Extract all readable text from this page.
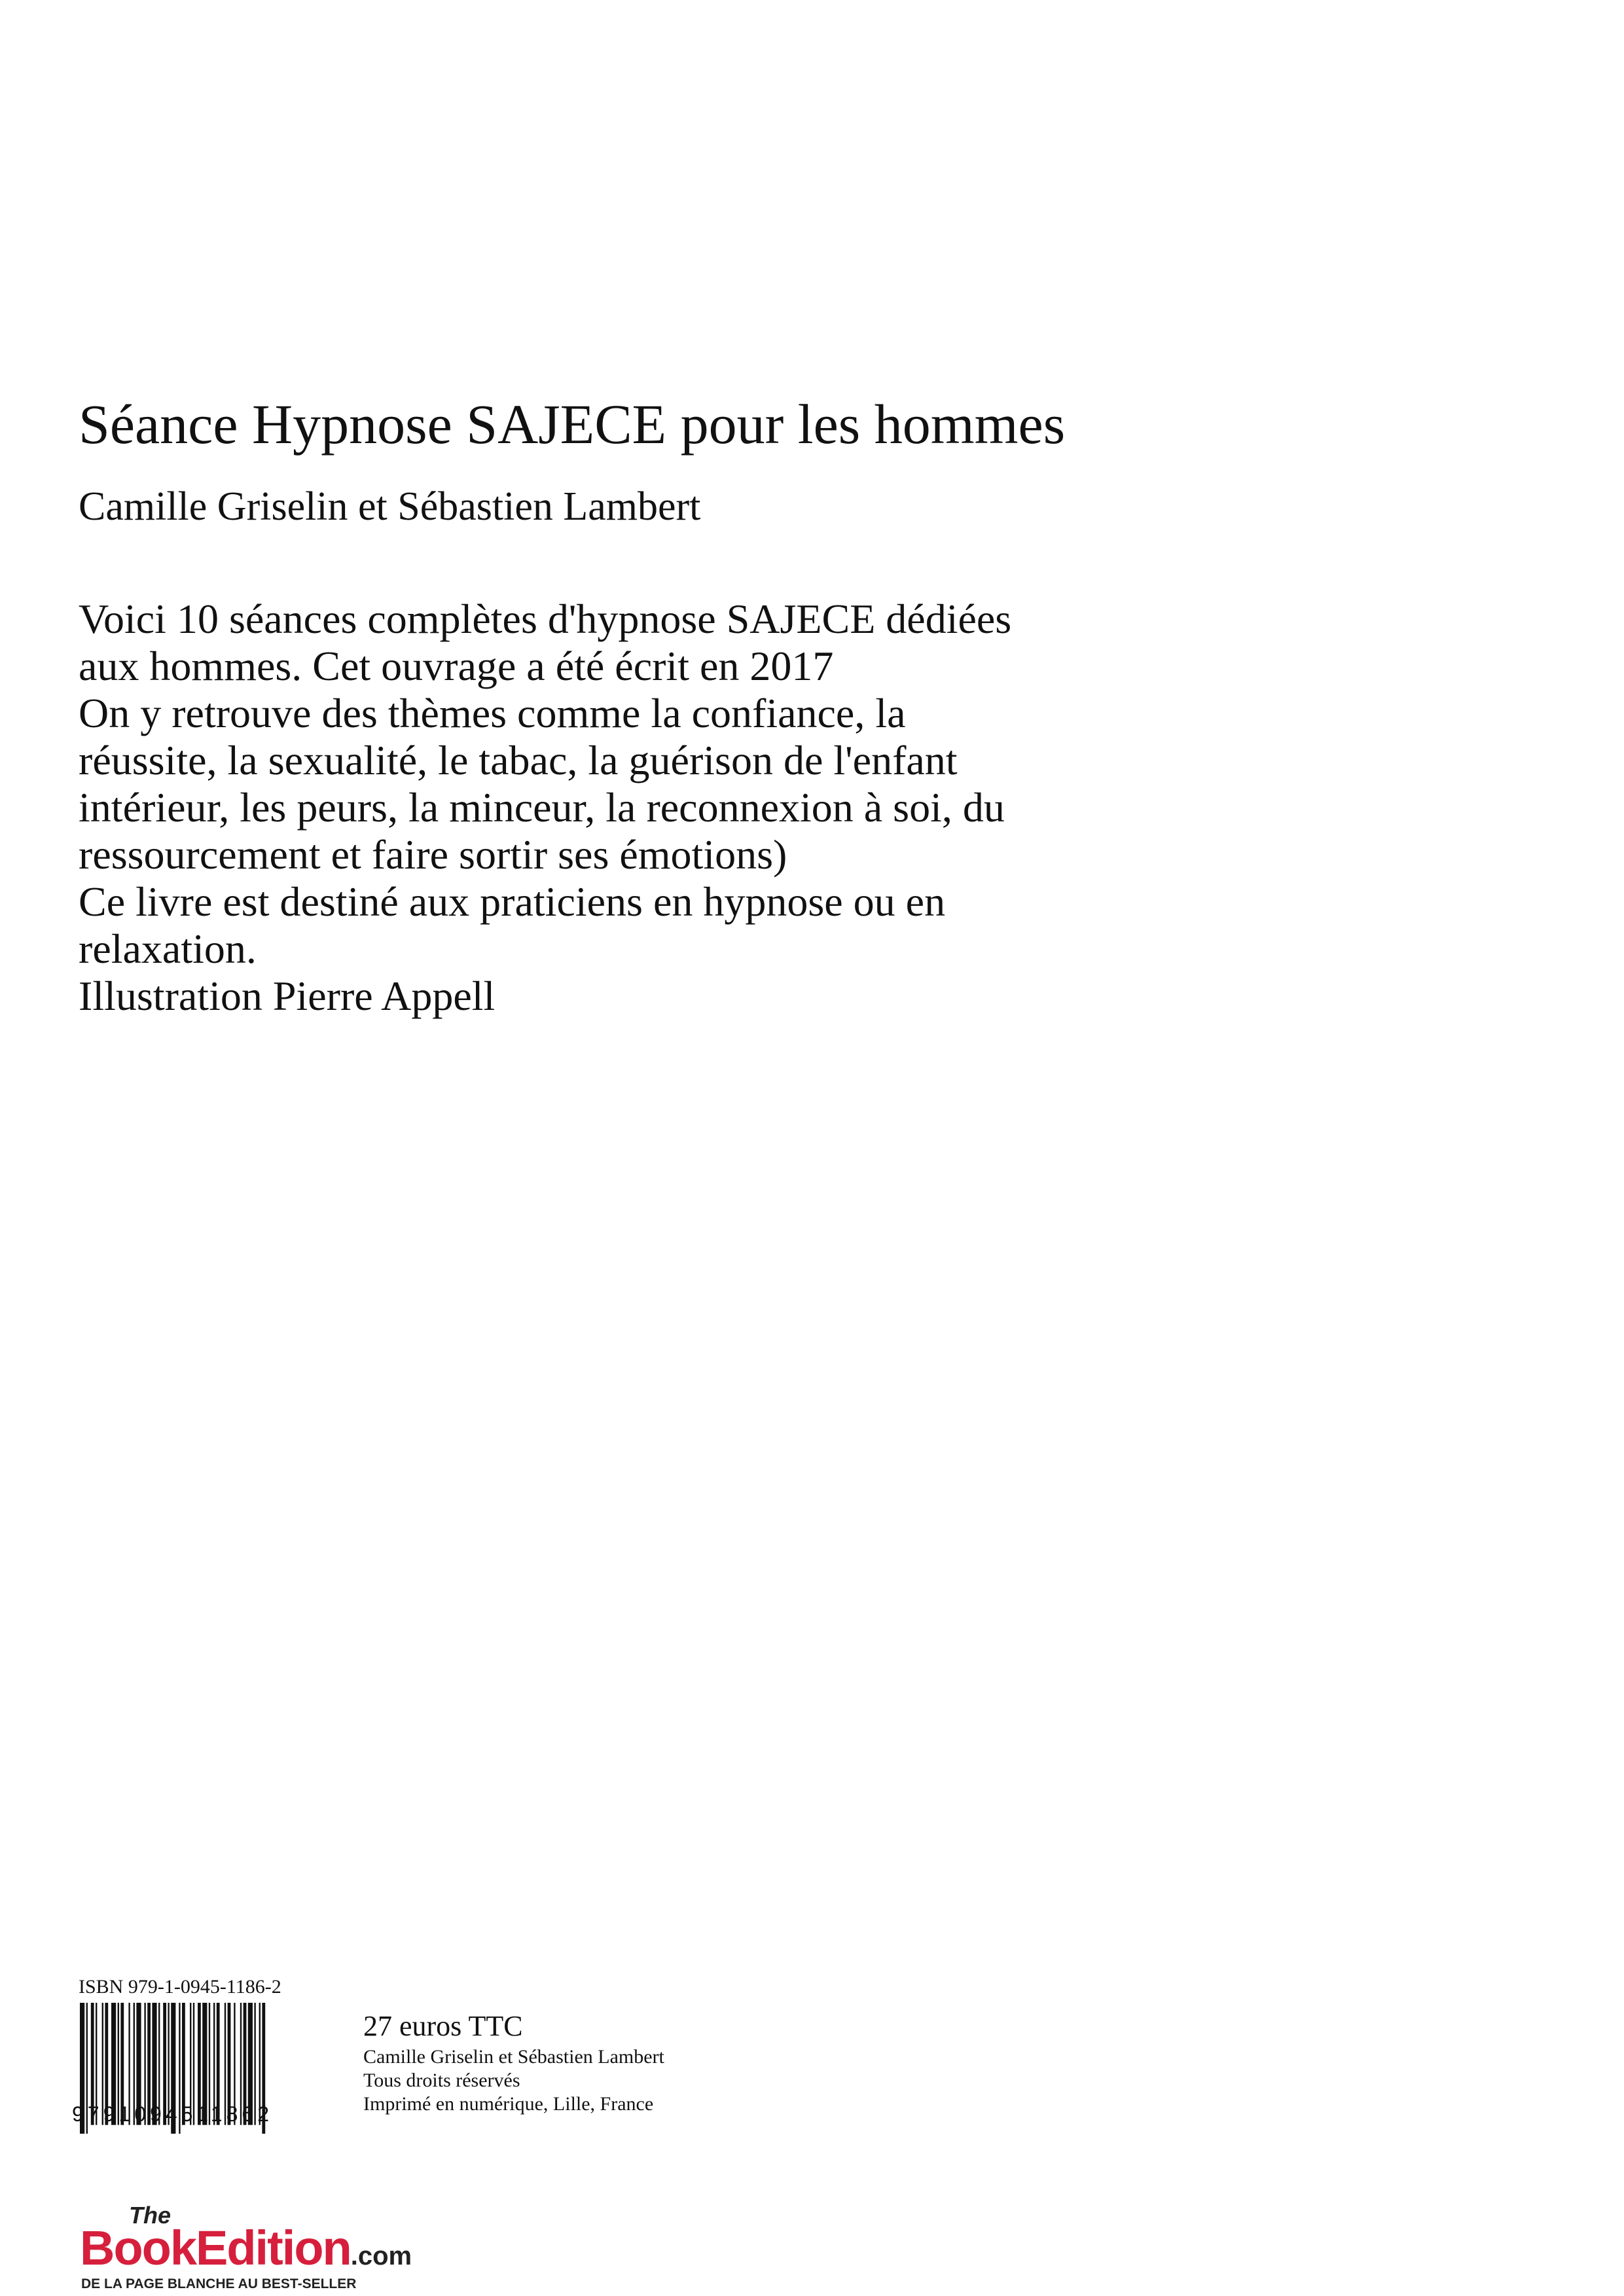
Séance Hypnose SAJECE pour les hommes
Camille Griselin et Sébastien Lambert
Voici 10 séances complètes d'hypnose SAJECE dédiées
aux hommes. Cet ouvrage a été écrit en 2017
On y retrouve des thèmes comme la confiance, la
réussite, la sexualité, le tabac, la guérison de l'enfant
intérieur, les peurs, la minceur, la reconnexion à soi, du
ressourcement et faire sortir ses émotions)
Ce livre est destiné aux praticiens en hypnose ou en
relaxation.
Illustration Pierre Appell
ISBN 979-1-0945-1186-2
9791094511862
27 euros TTC
Camille Griselin et Sébastien Lambert
Tous droits réservés
Imprimé en numérique, Lille, France
The
BookEdition.com
DE LA PAGE BLANCHE AU BEST-SELLER
